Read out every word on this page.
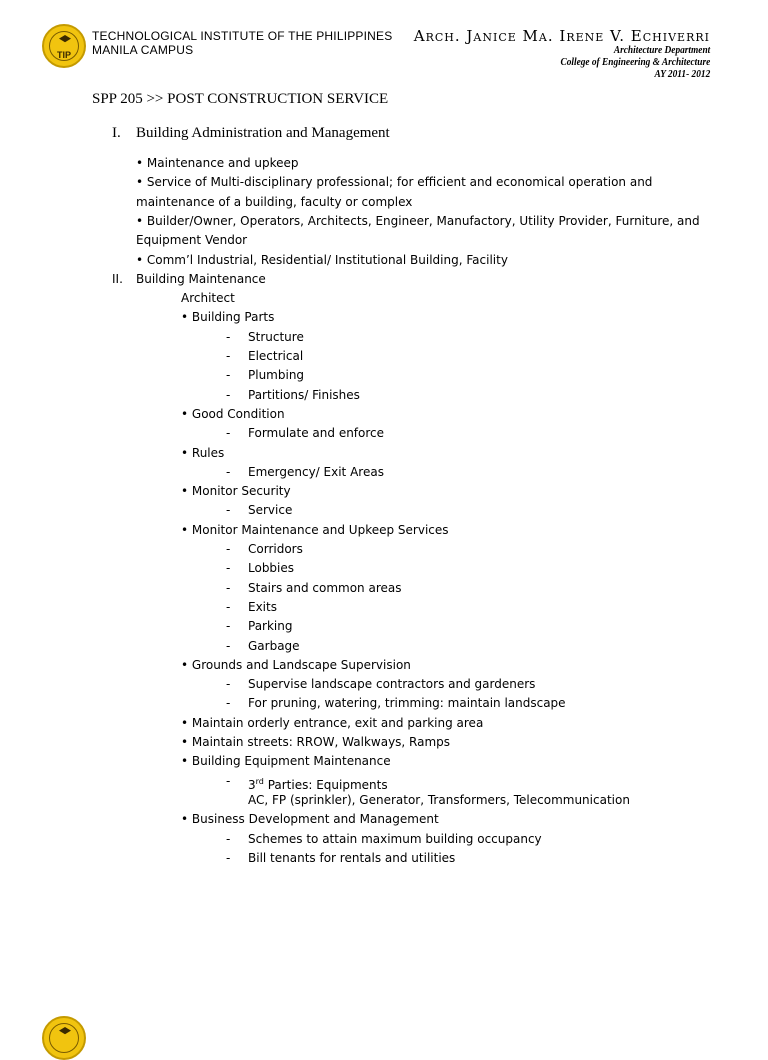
TIP
TECHNOLOGICAL INSTITUTE OF THE PHILIPPINES
MANILA CAMPUS
Arch. Janice Ma. Irene V. Echiverri
Architecture Department
College of Engineering & Architecture
AY 2011- 2012
SPP 205 >> POST CONSTRUCTION SERVICE
I. Building Administration and Management
• Maintenance and upkeep
• Service of Multi-disciplinary professional; for efficient and economical operation and
maintenance of a building, faculty or complex
• Builder/Owner, Operators, Architects, Engineer, Manufactory, Utility Provider, Furniture, and
Equipment Vendor
• Comm’l Industrial, Residential/ Institutional Building, Facility
II. Building Maintenance
Architect
• Building Parts
- Structure
- Electrical
- Plumbing
- Partitions/ Finishes
• Good Condition
- Formulate and enforce
• Rules
- Emergency/ Exit Areas
• Monitor Security
- Service
• Monitor Maintenance and Upkeep Services
- Corridors
- Lobbies
- Stairs and common areas
- Exits
- Parking
- Garbage
• Grounds and Landscape Supervision
- Supervise landscape contractors and gardeners
- For pruning, watering, trimming: maintain landscape
• Maintain orderly entrance, exit and parking area
• Maintain streets: RROW, Walkways, Ramps
• Building Equipment Maintenance
- 3rd Parties: Equipments
AC, FP (sprinkler), Generator, Transformers, Telecommunication
• Business Development and Management
- Schemes to attain maximum building occupancy
- Bill tenants for rentals and utilities
